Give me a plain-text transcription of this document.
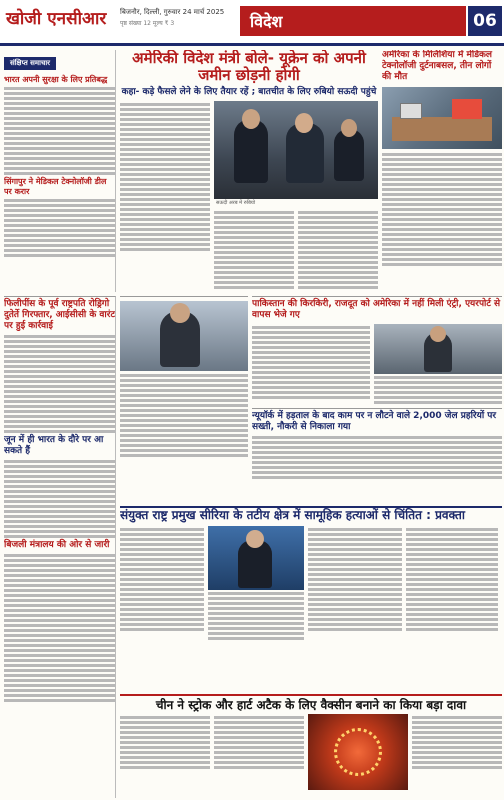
खोजी एनसीआर बिजनौर, दिल्ली, गुरुवार 24 मार्च 2025
पृष्ठ संख्या 12 मूल्य ₹ 3	विदेश	06
संक्षिप्त समाचार
भारत अपनी सुरक्षा के लिए प्रतिबद्ध
सिंगापुर ने मेडिकल टेक्नोलॉजी डील पर करार
अमेरिकी विदेश मंत्री बोले- यूक्रेन को अपनी जमीन छोड़नी होगी
कहा- कड़े फैसले लेने के लिए तैयार रहें ; बातचीत के लिए रुबियो सऊदी पहुंचे
सऊदी अरब में रुबियो
अमेरिका के मिलिशिया में मेडिकल टेक्नोलॉजी दुर्टनाबसल, तीन लोगों की मौत
फिलीपींस के पूर्व राष्ट्रपति रोड्रिगो दुतेर्ते गिरफ्तार, आईसीसी के वारंट पर हुई कार्रवाई
जून में ही भारत के दौरे पर आ सकते हैं
बिजली मंत्रालय की ओर से जारी
पाकिस्तान की किरकिरी, राजदूत को अमेरिका में नहीं मिली एंट्री, एयरपोर्ट से वापस भेजे गए
न्यूयॉर्क में हड़ताल के बाद काम पर न लौटने वाले 2,000 जेल प्रहरियों पर सख्ती, नौकरी से निकाला गया
संयुक्त राष्ट्र प्रमुख सीरिया के तटीय क्षेत्र में सामूहिक हत्याओं से चिंतित : प्रवक्ता
चीन ने स्ट्रोक और हार्ट अटैक के लिए वैक्सीन बनाने का किया बड़ा दावा
